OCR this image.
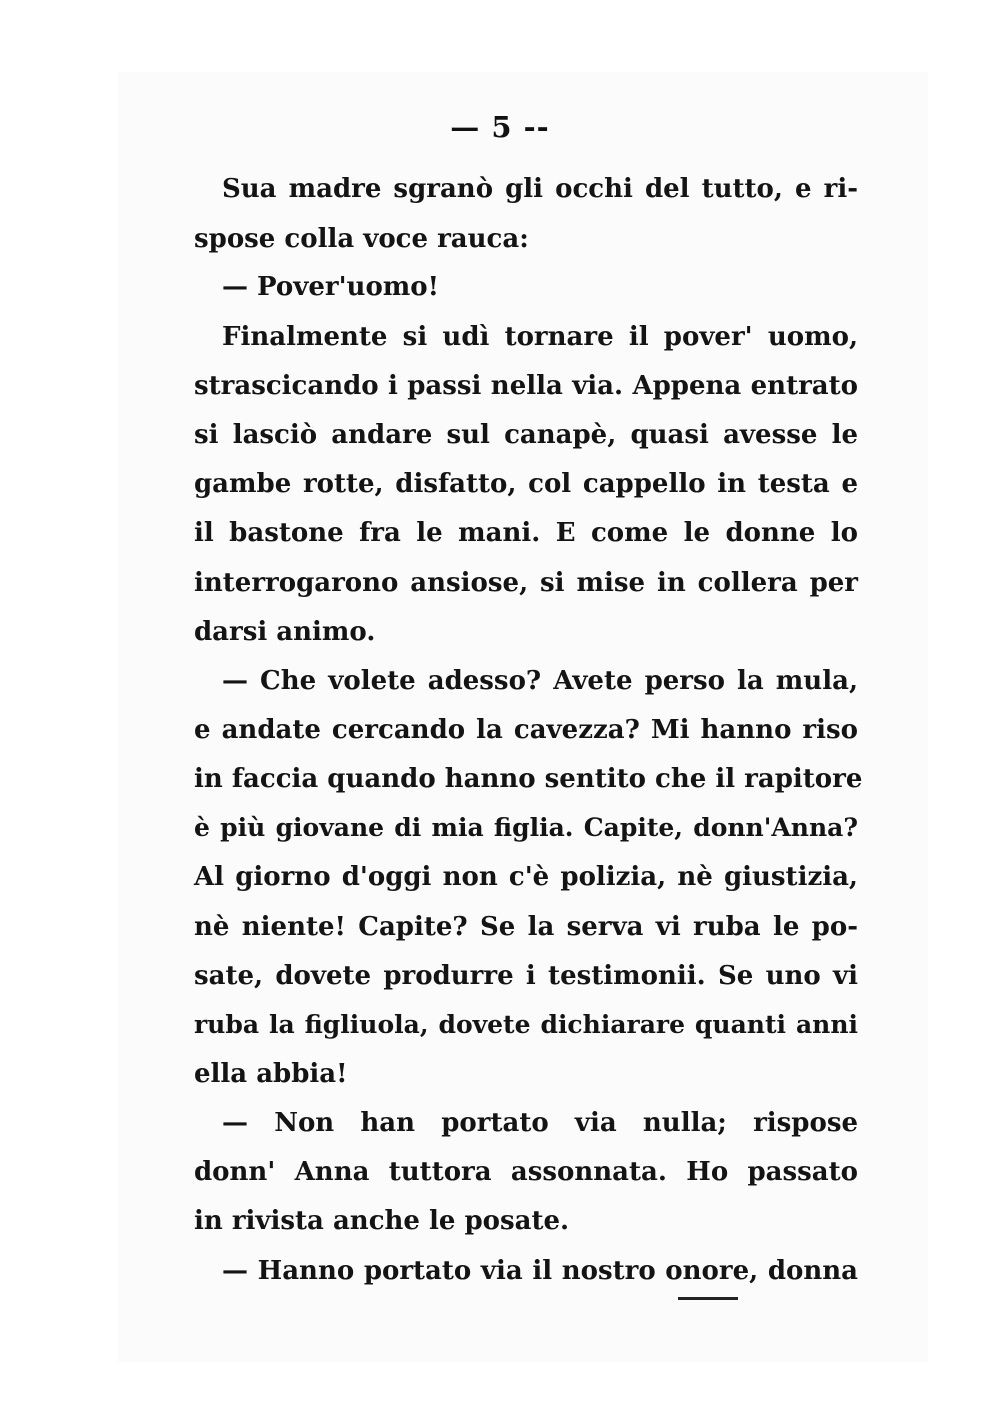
— 5 --
Sua madre sgranò gli occhi del tutto, e ri-
spose colla voce rauca:
— Pover'uomo!
Finalmente si udì tornare il pover' uomo,
strascicando i passi nella via. Appena entrato
si lasciò andare sul canapè, quasi avesse le
gambe rotte, disfatto, col cappello in testa e
il bastone fra le mani. E come le donne lo
interrogarono ansiose, si mise in collera per
darsi animo.
— Che volete adesso? Avete perso la mula,
e andate cercando la cavezza? Mi hanno riso
in faccia quando hanno sentito che il rapitore
è più giovane di mia figlia. Capite, donn'Anna?
Al giorno d'oggi non c'è polizia, nè giustizia,
nè niente! Capite? Se la serva vi ruba le po-
sate, dovete produrre i testimonii. Se uno vi
ruba la figliuola, dovete dichiarare quanti anni
ella abbia!
— Non han portato via nulla; rispose
donn' Anna tuttora assonnata. Ho passato
in rivista anche le posate.
— Hanno portato via il nostro onore, donna
